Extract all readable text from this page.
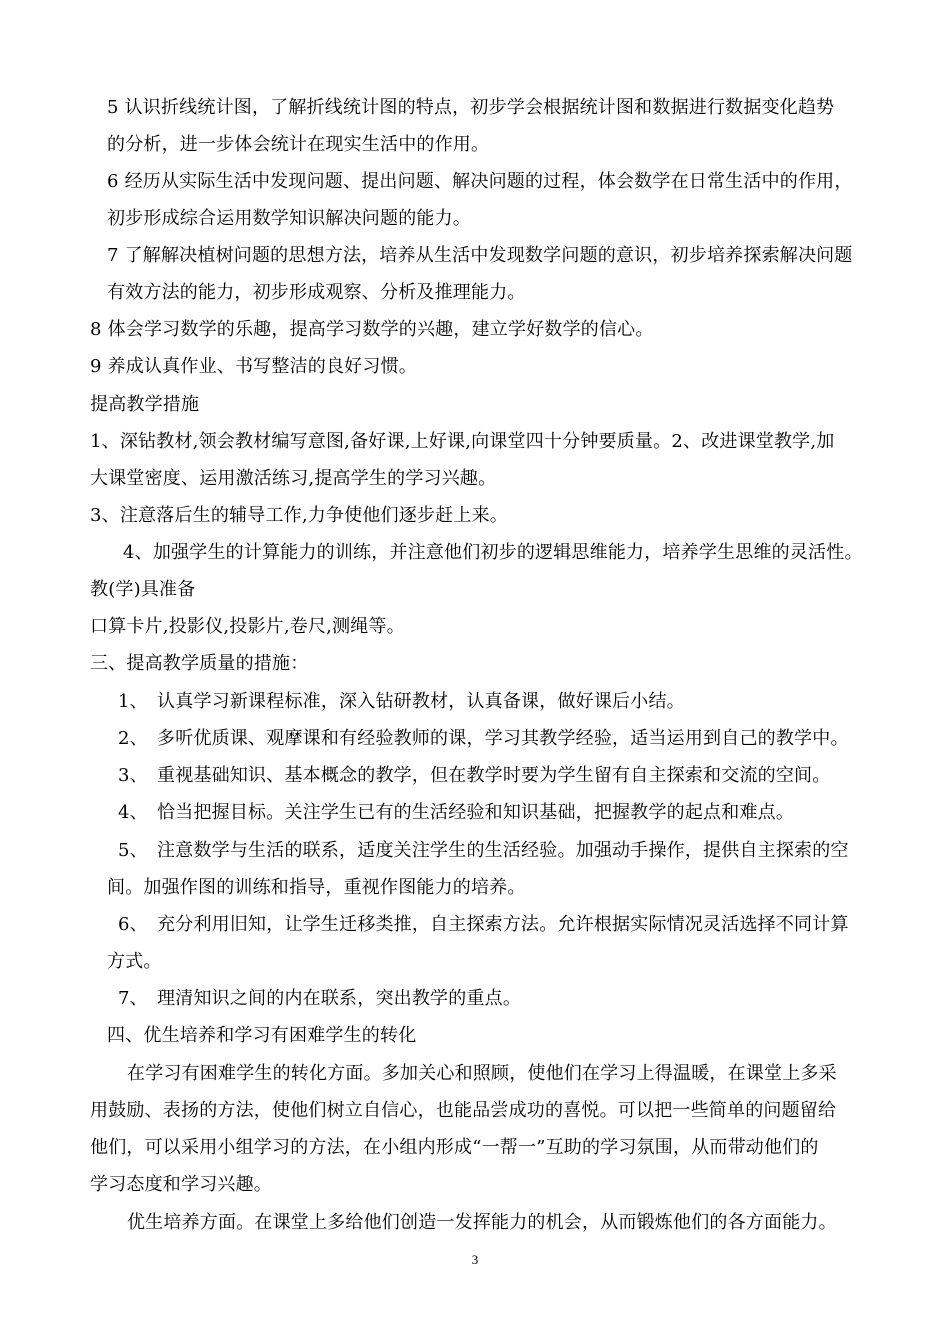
5 认识折线统计图，了解折线统计图的特点，初步学会根据统计图和数据进行数据变化趋势
的分析，进一步体会统计在现实生活中的作用。
6 经历从实际生活中发现问题、提出问题、解决问题的过程，体会数学在日常生活中的作用，
初步形成综合运用数学知识解决问题的能力。
7 了解解决植树问题的思想方法，培养从生活中发现数学问题的意识，初步培养探索解决问题
有效方法的能力，初步形成观察、分析及推理能力。
8 体会学习数学的乐趣，提高学习数学的兴趣，建立学好数学的信心。
9 养成认真作业、书写整洁的良好习惯。
提高教学措施
1、深钻教材,领会教材编写意图,备好课,上好课,向课堂四十分钟要质量。2、改进课堂教学,加
大课堂密度、运用激活练习,提高学生的学习兴趣。
3、注意落后生的辅导工作,力争使他们逐步赶上来。
4、加强学生的计算能力的训练，并注意他们初步的逻辑思维能力，培养学生思维的灵活性。
教(学)具准备
口算卡片,投影仪,投影片,卷尺,测绳等。
三、提高教学质量的措施：
1、　认真学习新课程标准，深入钻研教材，认真备课，做好课后小结。
2、　多听优质课、观摩课和有经验教师的课，学习其教学经验，适当运用到自己的教学中。
3、　重视基础知识、基本概念的教学，但在教学时要为学生留有自主探索和交流的空间。
4、　恰当把握目标。关注学生已有的生活经验和知识基础，把握教学的起点和难点。
5、　注意数学与生活的联系，适度关注学生的生活经验。加强动手操作，提供自主探索的空
间。加强作图的训练和指导，重视作图能力的培养。
6、　充分利用旧知，让学生迁移类推，自主探索方法。允许根据实际情况灵活选择不同计算
方式。
7、　理清知识之间的内在联系，突出教学的重点。
四、优生培养和学习有困难学生的转化
在学习有困难学生的转化方面。多加关心和照顾，使他们在学习上得温暖，在课堂上多采
用鼓励、表扬的方法，使他们树立自信心，也能品尝成功的喜悦。可以把一些简单的问题留给
他们，可以采用小组学习的方法，在小组内形成“一帮一”互助的学习氛围，从而带动他们的
学习态度和学习兴趣。
优生培养方面。在课堂上多给他们创造一发挥能力的机会，从而锻炼他们的各方面能力。
3
